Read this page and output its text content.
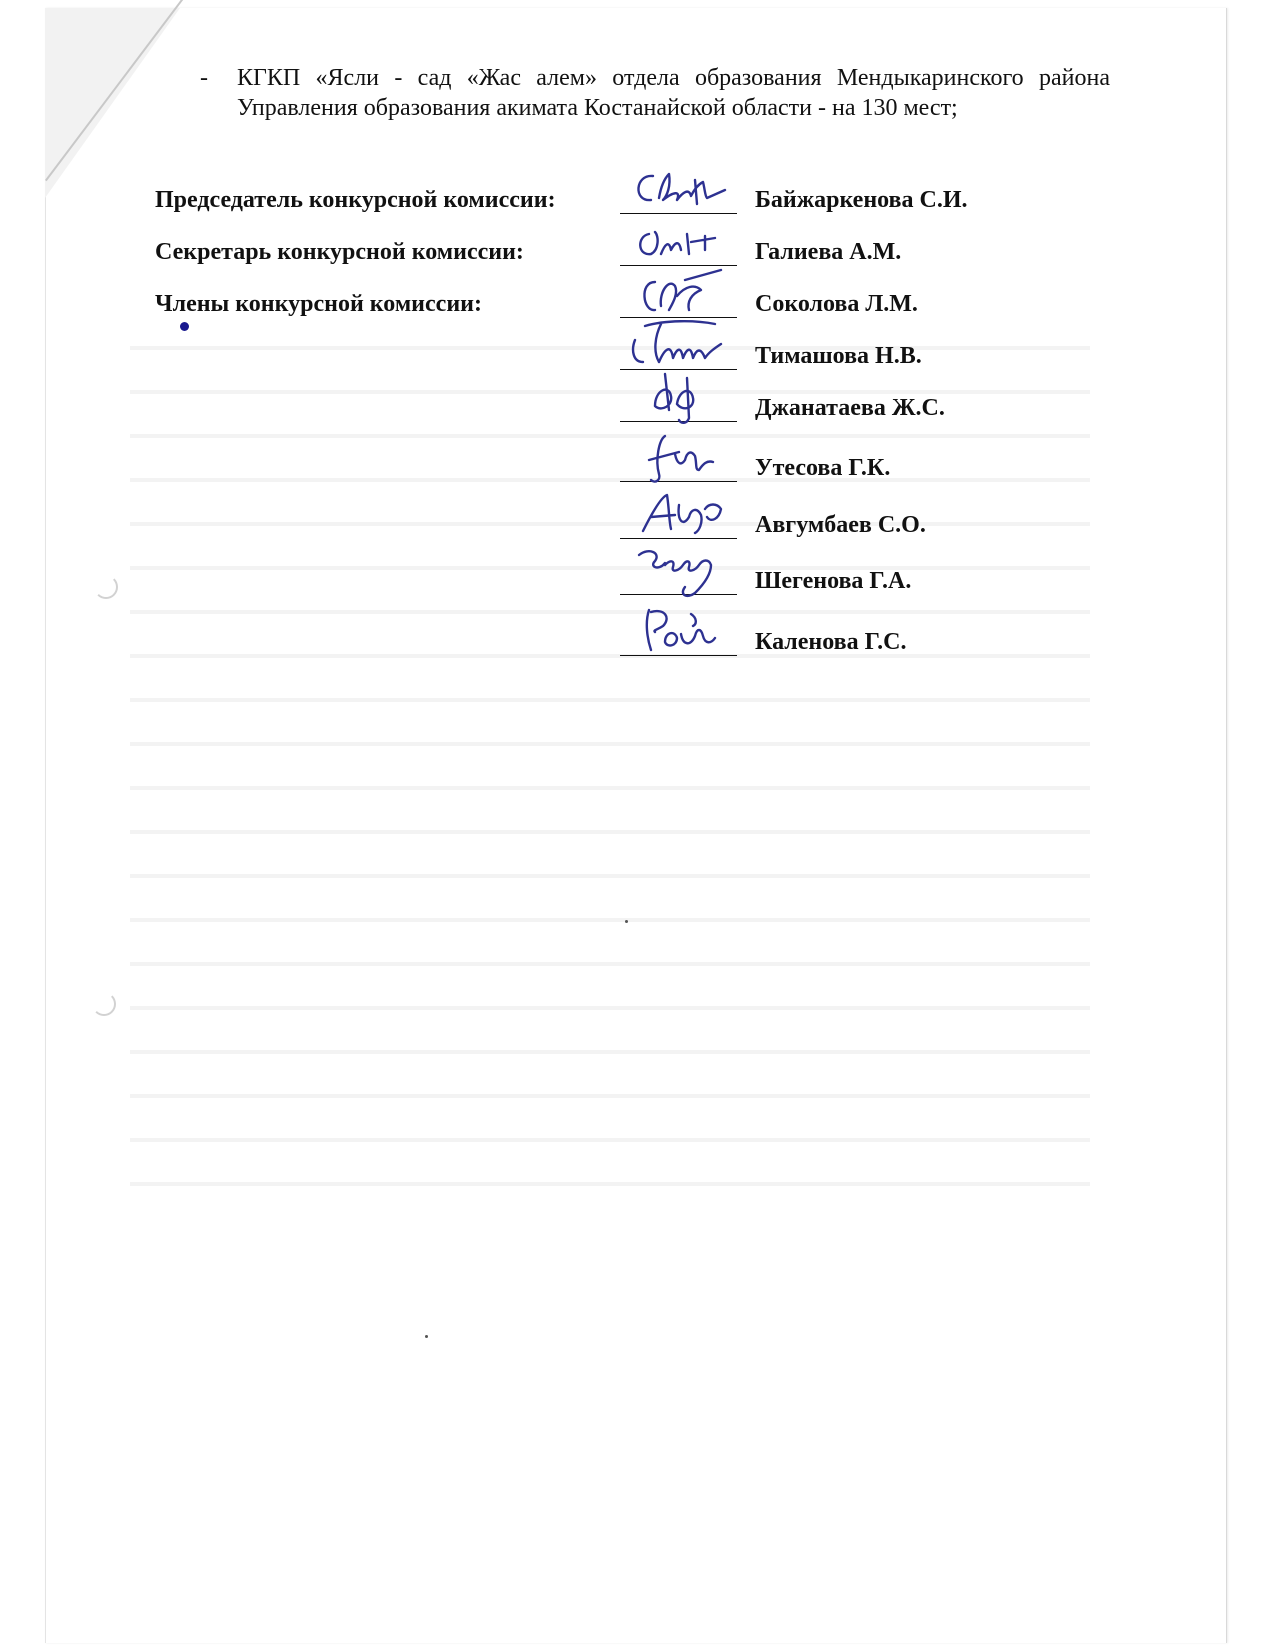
-	КГКП «Ясли - сад «Жас алем» отдела образования Мендыкаринского района Управления образования акимата Костанайской области - на 130 мест;
Председатель конкурсной комиссии:	Байжаркенова С.И.
Секретарь конкурсной комиссии:	Галиева А.М.
Члены конкурсной комиссии:	Соколова Л.М.
Тимашова Н.В.
Джанатаева Ж.С.
Утесова Г.К.
Авгумбаев С.О.
Шегенова Г.А.
Каленова Г.С.
